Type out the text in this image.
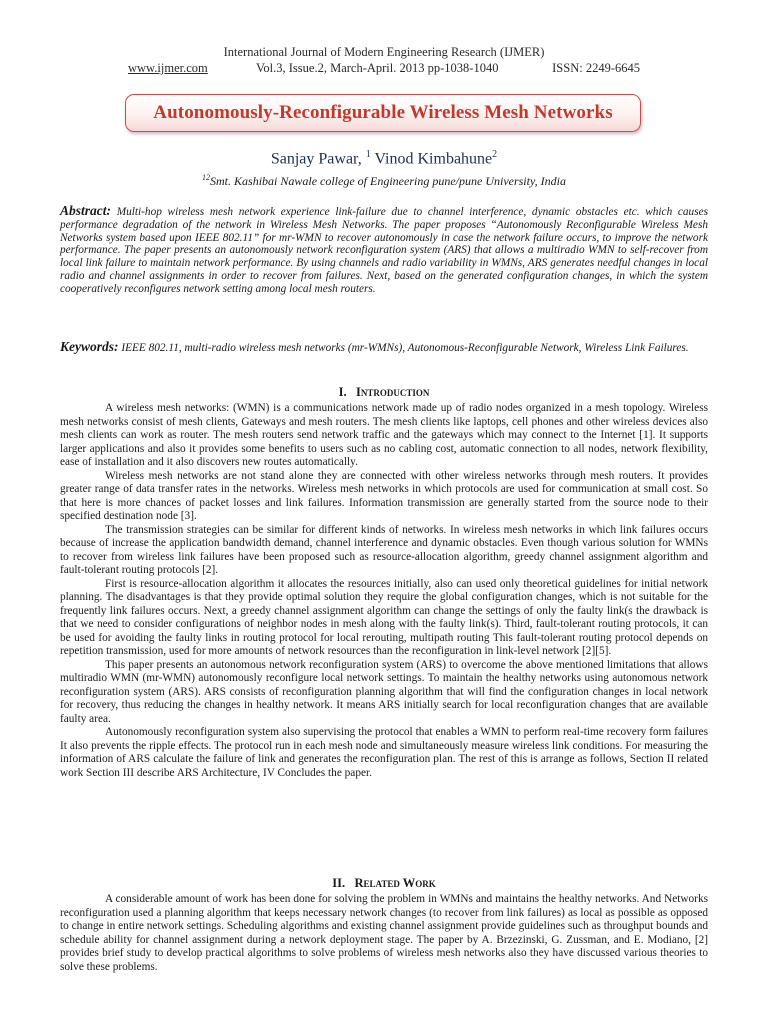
International Journal of Modern Engineering Research (IJMER)
www.ijmer.com	Vol.3, Issue.2, March-April. 2013 pp-1038-1040	ISSN: 2249-6645
Autonomously-Reconfigurable Wireless Mesh Networks
Sanjay Pawar, $^1$ Vinod Kimbahune$^2$
$^{12}$Smt. Kashibai Nawale college of Engineering pune/pune University, India
Abstract: Multi-hop wireless mesh network experience link-failure due to channel interference, dynamic obstacles etc. which causes performance degradation of the network in Wireless Mesh Networks. The paper proposes “Autonomously Reconfigurable Wireless Mesh Networks system based upon IEEE 802.11” for mr-WMN to recover autonomously in case the network failure occurs, to improve the network performance. The paper presents an autonomously network reconfiguration system (ARS) that allows a multiradio WMN to self-recover from local link failure to maintain network performance. By using channels and radio variability in WMNs, ARS generates needful changes in local radio and channel assignments in order to recover from failures. Next, based on the generated configuration changes, in which the system cooperatively reconfigures network setting among local mesh routers.
Keywords: IEEE 802.11, multi-radio wireless mesh networks (mr-WMNs), Autonomous-Reconfigurable Network, Wireless Link Failures.
I. Introduction

A wireless mesh networks: (WMN) is a communications network made up of radio nodes organized in a mesh topology. Wireless mesh networks consist of mesh clients, Gateways and mesh routers. The mesh clients like laptops, cell phones and other wireless devices also mesh clients can work as router. The mesh routers send network traffic and the gateways which may connect to the Internet [1]. It supports larger applications and also it provides some benefits to users such as no cabling cost, automatic connection to all nodes, network flexibility, ease of installation and it also discovers new routes automatically.

Wireless mesh networks are not stand alone they are connected with other wireless networks through mesh routers. It provides greater range of data transfer rates in the networks. Wireless mesh networks in which protocols are used for communication at small cost. So that here is more chances of packet losses and link failures. Information transmission are generally started from the source node to their specified destination node [3].

The transmission strategies can be similar for different kinds of networks. In wireless mesh networks in which link failures occurs because of increase the application bandwidth demand, channel interference and dynamic obstacles. Even though various solution for WMNs to recover from wireless link failures have been proposed such as resource-allocation algorithm, greedy channel assignment algorithm and fault-tolerant routing protocols [2].

First is resource-allocation algorithm it allocates the resources initially, also can used only theoretical guidelines for initial network planning. The disadvantages is that they provide optimal solution they require the global configuration changes, which is not suitable for the frequently link failures occurs. Next, a greedy channel assignment algorithm can change the settings of only the faulty link(s the drawback is that we need to consider configurations of neighbor nodes in mesh along with the faulty link(s). Third, fault-tolerant routing protocols, it can be used for avoiding the faulty links in routing protocol for local rerouting, multipath routing This fault-tolerant routing protocol depends on repetition transmission, used for more amounts of network resources than the reconfiguration in link-level network [2][5].

This paper presents an autonomous network reconfiguration system (ARS) to overcome the above mentioned limitations that allows multiradio WMN (mr-WMN) autonomously reconfigure local network settings. To maintain the healthy networks using autonomous network reconfiguration system (ARS). ARS consists of reconfiguration planning algorithm that will find the configuration changes in local network for recovery, thus reducing the changes in healthy network. It means ARS initially search for local reconfiguration changes that are available faulty area.

Autonomously reconfiguration system also supervising the protocol that enables a WMN to perform real-time recovery form failures It also prevents the ripple effects. The protocol run in each mesh node and simultaneously measure wireless link conditions. For measuring the information of ARS calculate the failure of link and generates the reconfiguration plan. The rest of this is arrange as follows, Section II related work Section III describe ARS Architecture, IV Concludes the paper.

II. Related Work

A considerable amount of work has been done for solving the problem in WMNs and maintains the healthy networks. And Networks reconfiguration used a planning algorithm that keeps necessary network changes (to recover from link failures) as local as possible as opposed to change in entire network settings. Scheduling algorithms and existing channel assignment provide guidelines such as throughput bounds and schedule ability for channel assignment during a network deployment stage. The paper by A. Brzezinski, G. Zussman, and E. Modiano, [2] provides brief study to develop practical algorithms to solve problems of wireless mesh networks also they have discussed various theories to solve these problems.
